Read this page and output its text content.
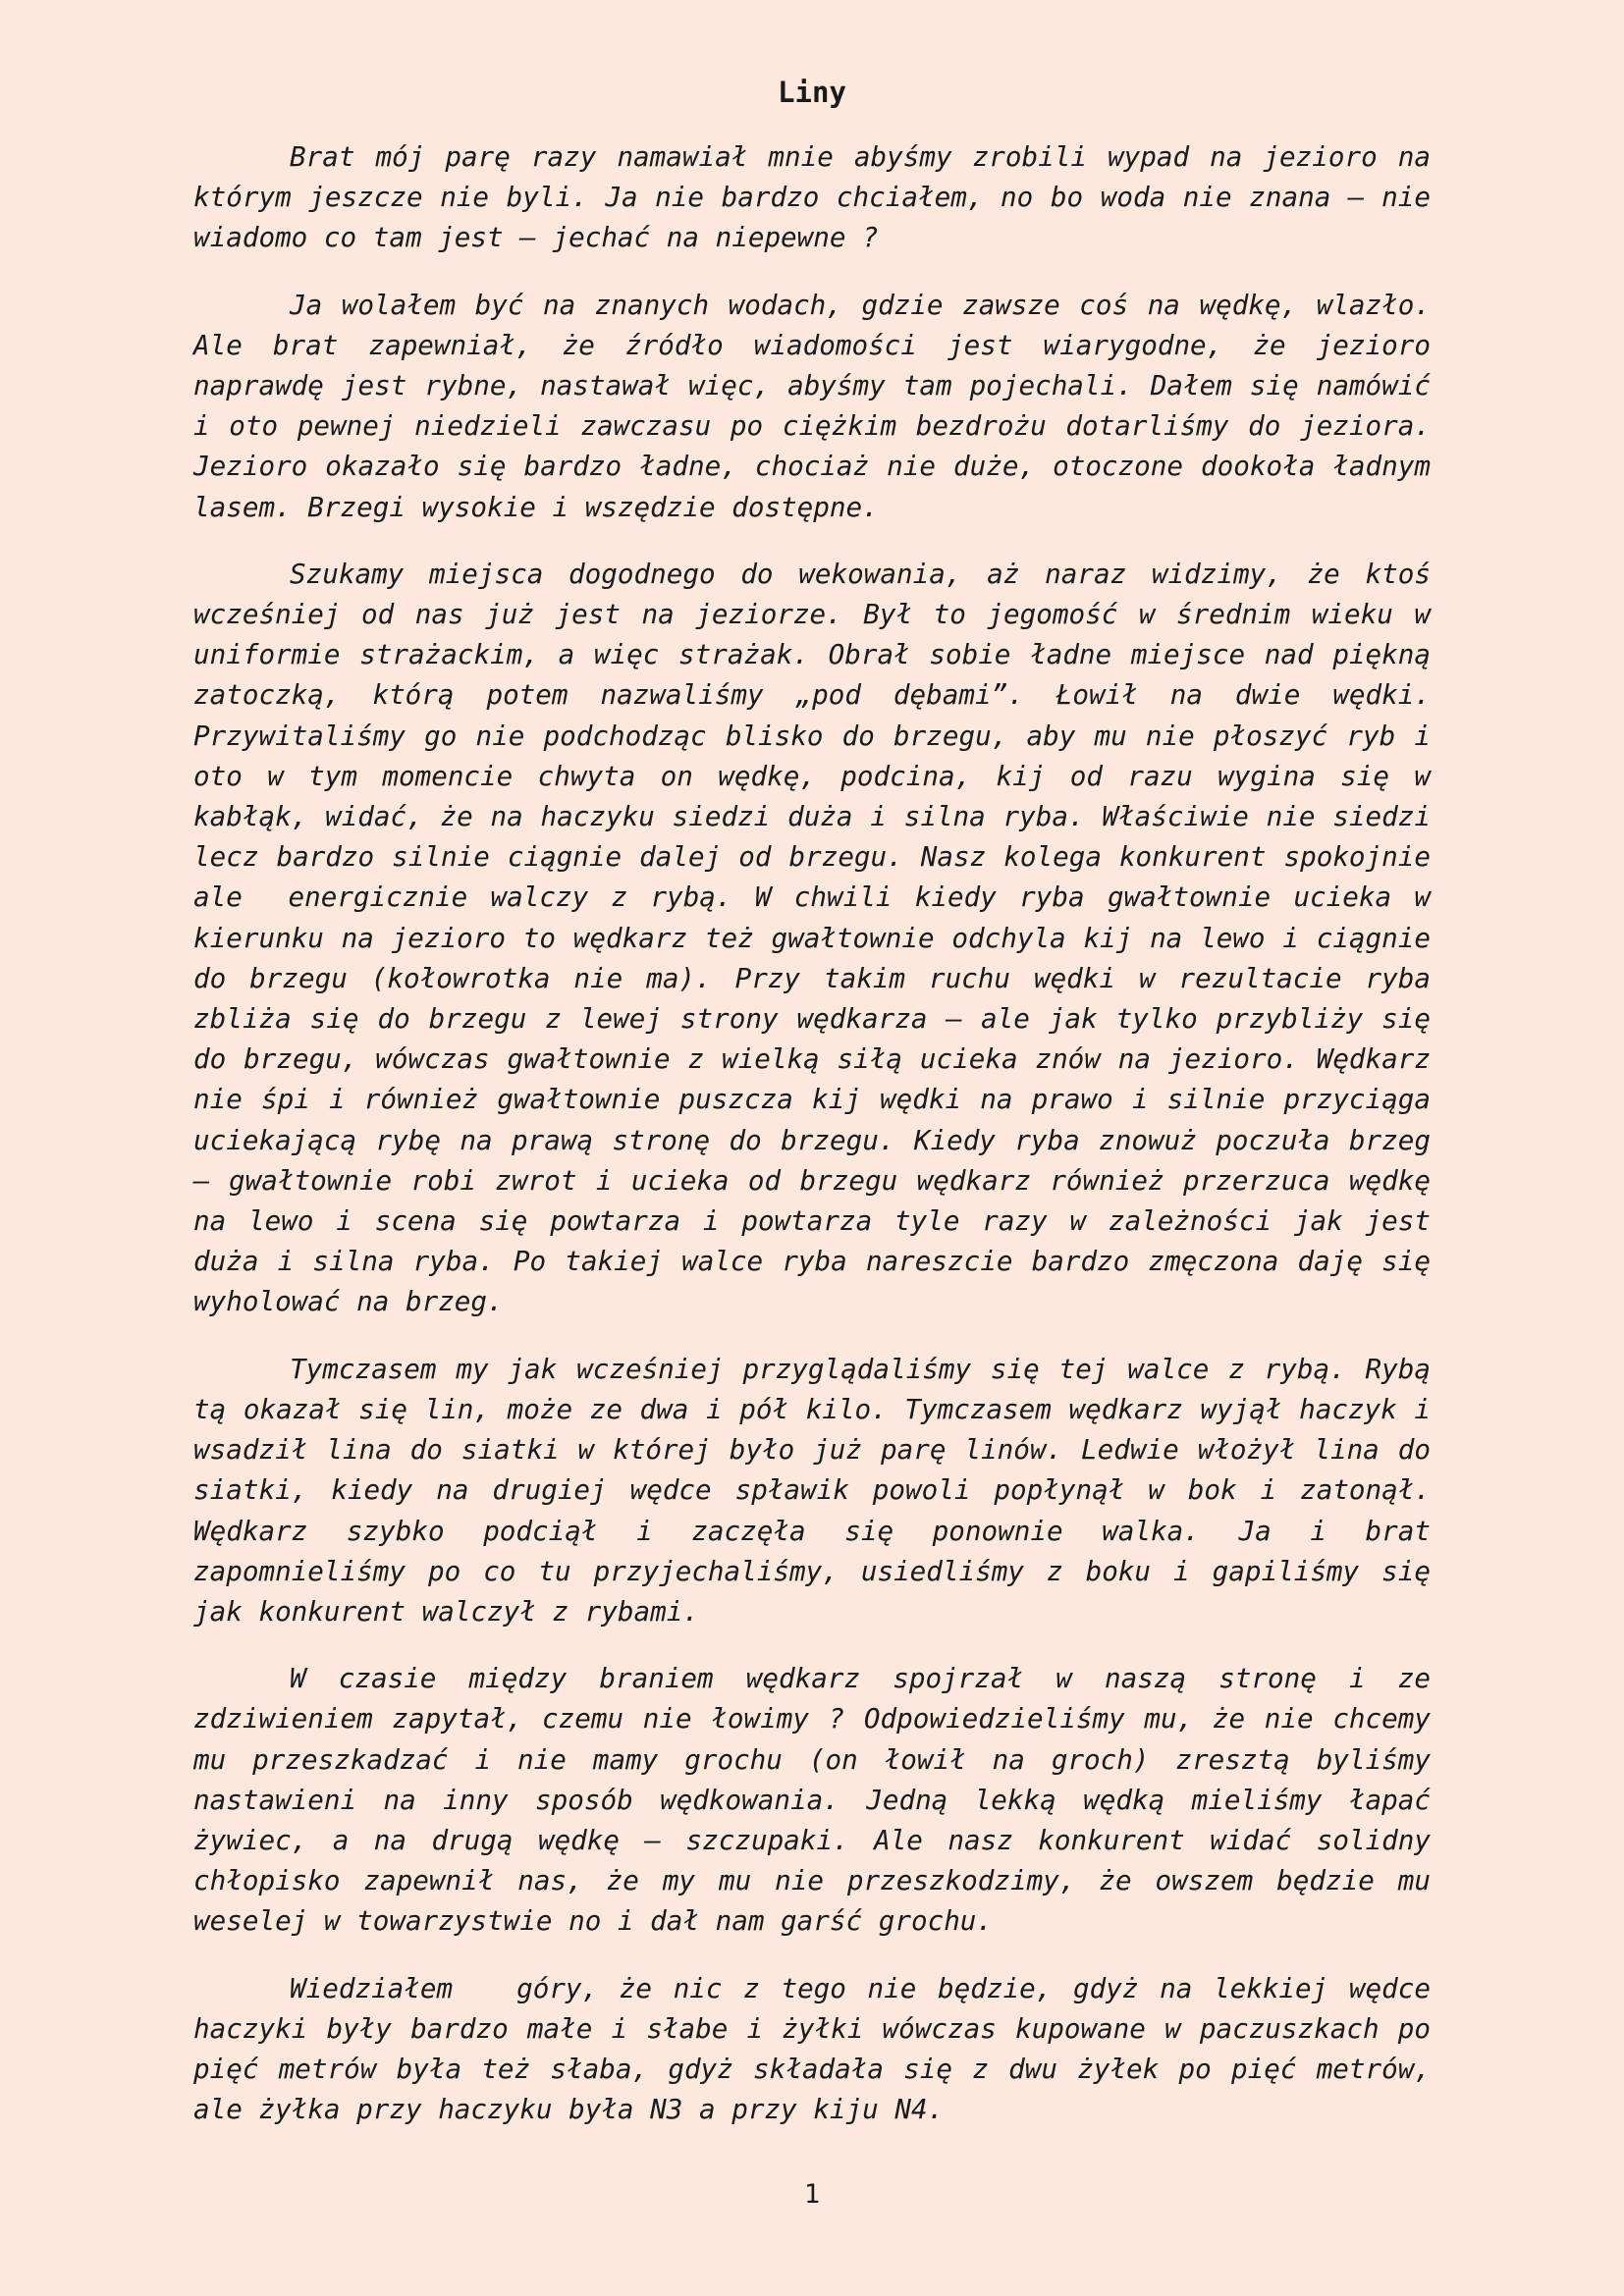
Liny

Brat mój parę razy namawiał mnie abyśmy zrobili wypad na jezioro na którym jeszcze nie byli. Ja nie bardzo chciałem, no bo woda nie znana – nie wiadomo co tam jest – jechać na niepewne ?

Ja wolałem być na znanych wodach, gdzie zawsze coś na wędkę, wlazło. Ale brat zapewniał, że źródło wiadomości jest wiarygodne, że jezioro naprawdę jest rybne, nastawał więc, abyśmy tam pojechali. Dałem się namówić i oto pewnej niedzieli zawczasu po ciężkim bezdrożu dotarliśmy do jeziora. Jezioro okazało się bardzo ładne, chociaż nie duże, otoczone dookoła ładnym lasem. Brzegi wysokie i wszędzie dostępne.

Szukamy miejsca dogodnego do wekowania, aż naraz widzimy, że ktoś wcześniej od nas już jest na jeziorze. Był to jegomość w średnim wieku w uniformie strażackim, a więc strażak. Obrał sobie ładne miejsce nad piękną zatoczką, którą potem nazwaliśmy „pod dębami”. Łowił na dwie wędki. Przywitaliśmy go nie podchodząc blisko do brzegu, aby mu nie płoszyć ryb i oto w tym momencie chwyta on wędkę, podcina, kij od razu wygina się w kabłąk, widać, że na haczyku siedzi duża i silna ryba. Właściwie nie siedzi lecz bardzo silnie ciągnie dalej od brzegu. Nasz kolega konkurent spokojnie ale  energicznie walczy z rybą. W chwili kiedy ryba gwałtownie ucieka w kierunku na jezioro to wędkarz też gwałtownie odchyla kij na lewo i ciągnie do brzegu (kołowrotka nie ma). Przy takim ruchu wędki w rezultacie ryba zbliża się do brzegu z lewej strony wędkarza – ale jak tylko przybliży się do brzegu, wówczas gwałtownie z wielką siłą ucieka znów na jezioro. Wędkarz nie śpi i również gwałtownie puszcza kij wędki na prawo i silnie przyciąga uciekającą rybę na prawą stronę do brzegu. Kiedy ryba znowuż poczuła brzeg – gwałtownie robi zwrot i ucieka od brzegu wędkarz również przerzuca wędkę na lewo i scena się powtarza i powtarza tyle razy w zależności jak jest duża i silna ryba. Po takiej walce ryba nareszcie bardzo zmęczona daję się wyholować na brzeg.

Tymczasem my jak wcześniej przyglądaliśmy się tej walce z rybą. Rybą tą okazał się lin, może ze dwa i pół kilo. Tymczasem wędkarz wyjął haczyk i wsadził lina do siatki w której było już parę linów. Ledwie włożył lina do siatki, kiedy na drugiej wędce spławik powoli popłynął w bok i zatonął. Wędkarz szybko podciął i zaczęła się ponownie walka. Ja i brat zapomnieliśmy po co tu przyjechaliśmy, usiedliśmy z boku i gapiliśmy się jak konkurent walczył z rybami.

W czasie między braniem wędkarz spojrzał w naszą stronę i ze zdziwieniem zapytał, czemu nie łowimy ? Odpowiedzieliśmy mu, że nie chcemy mu przeszkadzać i nie mamy grochu (on łowił na groch) zresztą byliśmy nastawieni na inny sposób wędkowania. Jedną lekką wędką mieliśmy łapać żywiec, a na drugą wędkę – szczupaki. Ale nasz konkurent widać solidny chłopisko zapewnił nas, że my mu nie przeszkodzimy, że owszem będzie mu weselej w towarzystwie no i dał nam garść grochu.

Wiedziałem   góry, że nic z tego nie będzie, gdyż na lekkiej wędce haczyki były bardzo małe i słabe i żyłki wówczas kupowane w paczuszkach po pięć metrów była też słaba, gdyż składała się z dwu żyłek po pięć metrów, ale żyłka przy haczyku była N3 a przy kiju N4.

1
